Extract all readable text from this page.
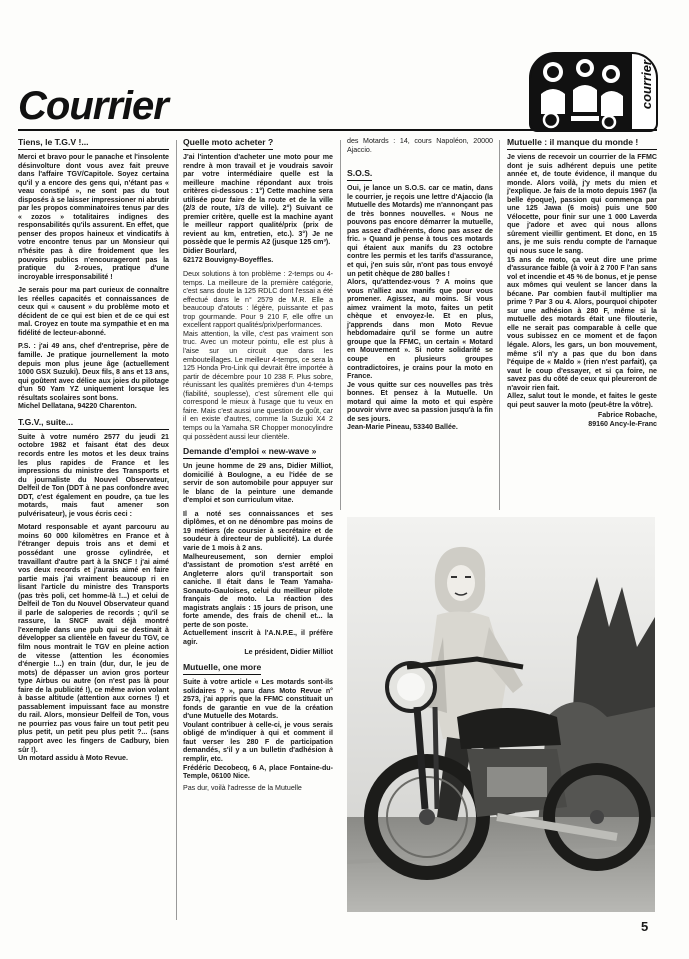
Courrier	courrier
Tiens, le T.G.V !...

Merci et bravo pour le panache et l'insolente désinvolture dont vous avez fait preuve dans l'affaire TGV/Capitole. Soyez certaina qu'il y a encore des gens qui, n'étant pas « veau constipé », ne sont pas du tout disposés à se laisser impressioner ni abrutir par les propos comminatoires tenus par des « zozos » totalitaires indignes des responsabilités qu'ils assurent. En effet, que penser des propos haineux et vindicatifs à votre encontre tenus par un Monsieur qui n'hésite pas à dire froidement que les pouvoirs publics n'encourageront pas la pratique du 2-roues, pratique d'une incroyable irresponsabilité !

Je serais pour ma part curieux de connaître les réelles capacités et connaissances de ceux qui « causent » du problème moto et décident de ce qui est bien et de ce qui est mal. Croyez en toute ma sympathie et en ma fidélité de lecteur-abonné.

P.S. : j'ai 49 ans, chef d'entreprise, père de famille. Je pratique journellement la moto depuis mon plus jeune âge (actuellement 1000 GSX Suzuki). Deux fils, 8 ans et 13 ans, qui goûtent avec délice aux joies du pilotage d'un 50 Yam YZ uniquement lorsque les résultats scolaires sont bons.

Michel Dellatana, 94220 Charenton.

T.G.V., suite...

Suite à votre numéro 2577 du jeudi 21 octobre 1982 et faisant état des deux records entre les motos et les deux trains les plus rapides de France et les impressions du ministre des Transports et du journaliste du Nouvel Observateur, Delfeil de Ton (DDT à ne pas confondre avec DDT, c'est également en poudre, ça tue les motards, mais faut amener son pulvérisateur), je vous écris ceci :

Motard responsable et ayant parcouru au moins 60 000 kilomètres en France et à l'étranger depuis trois ans et demi et possédant une grosse cylindrée, et travaillant d'autre part à la SNCF ! j'ai aimé vos deux records et j'aurais aimé en faire partie mais j'ai vraiment beaucoup ri en lisant l'article du ministre des Transports (pas très poli, cet homme-là !...) et celui de Delfeil de Ton du Nouvel Observateur quand il parle de saloperies de records ; qu'il se rassure, la SNCF avait déjà montré l'exemple dans une pub qui se destinait à développer sa clientèle en faveur du TGV, ce film nous montrait le TGV en pleine action de vitesse (attention les économies d'énergie !...) en train (dur, dur, le jeu de mots) de dépasser un avion gros porteur type Airbus ou autre (on n'est pas là pour faire de la publicité !), ce même avion volant à basse altitude (attention aux cornes !) et passablement impuissant face au monstre du rail. Alors, monsieur Delfeil de Ton, vous ne pourriez pas vous faire un tout petit peu plus petit, un petit peu plus petit ?... (sans rapport avec les fingers de Cadbury, bien sûr !).

Un motard assidu à Moto Revue.

Quelle moto acheter ?

J'ai l'intention d'acheter une moto pour me rendre à mon travail et je voudrais savoir par votre intermédiaire quelle est la meilleure machine répondant aux trois critères ci-dessous : 1°) Cette machine sera utilisée pour faire de la route et de la ville (2/3 de route, 1/3 de ville). 2°) Suivant ce premier critère, quelle est la machine ayant le meilleur rapport qualité/prix (prix de revient au km, entretien, etc.). 3°) Je ne possède que le permis A2 (jusque 125 cm³).

Didier Bourlard,
62172 Bouvigny-Boyeffles.

Deux solutions à ton problème : 2-temps ou 4-temps. La meilleure de la première catégorie, c'est sans doute la 125 RDLC dont l'essai a été effectué dans le n° 2579 de M.R. Elle a beaucoup d'atouts : légère, puissante et pas trop gourmande. Pour 9 210 F, elle offre un excellent rapport qualités/prix/performances.
Mais attention, la ville, c'est pas vraiment son truc. Avec un moteur pointu, elle est plus à l'aise sur un circuit que dans les embouteillages. Le meilleur 4-temps, ce sera la 125 Honda Pro-Link qui devrait être importée à partir de décembre pour 10 238 F. Plus sobre, réunissant les qualités premières d'un 4-temps (fiabilité, souplesse), c'est sûrement elle qui correspond le mieux à l'usage que tu veux en faire. Mais c'est aussi une question de goût, car il en existe d'autres, comme la Suzuki X4 2 temps ou la Yamaha SR Chopper monocylindre qui possèdent aussi leur clientèle.

Demande d'emploi « new-wave »

Un jeune homme de 29 ans, Didier Milliot, domicilié à Boulogne, a eu l'idée de se servir de son automobile pour appuyer sur le blanc de la peinture une demande d'emploi et son curriculum vitae.

Il a noté ses connaissances et ses diplômes, et on ne dénombre pas moins de 19 métiers (de coursier à secrétaire et de soudeur à directeur de publicité). La durée varie de 1 mois à 2 ans.
Malheureusement, son dernier emploi d'assistant de promotion s'est arrêté en Angleterre alors qu'il transportait son caniche. Il était dans le Team Yamaha-Sonauto-Gauloises, celui du meilleur pilote français de moto. La réaction des magistrats anglais : 15 jours de prison, une forte amende, des frais de chenil et... la perte de son poste.
Actuellement inscrit à l'A.N.P.E., il préfère agir.

Le président, Didier Milliot

Mutuelle, one more

Suite à votre article « Les motards sont-ils solidaires ? », paru dans Moto Revue n° 2573, j'ai appris que la FFMC constituait un fonds de garantie en vue de la création d'une Mutuelle des Motards.
Voulant contribuer à celle-ci, je vous serais obligé de m'indiquer à qui et comment il faut verser les 280 F de participation demandés, s'il y a un bulletin d'adhésion à remplir, etc.

Frédéric Decobecq, 6 A, place Fontaine-du-Temple, 06100 Nice.

Pas dur, voilà l'adresse de la Mutuelle

des Motards : 14, cours Napoléon, 20000 Ajaccio.

S.O.S.

Oui, je lance un S.O.S. car ce matin, dans le courrier, je reçois une lettre d'Ajaccio (la Mutuelle des Motards) me n'annonçant pas de très bonnes nouvelles. « Nous ne pouvons pas encore démarrer la mutuelle, pas assez d'adhérents, donc pas assez de fric. » Quand je pense à tous ces motards qui étaient aux manifs du 23 octobre contre les permis et les tarifs d'assurance, et qui, j'en suis sûr, n'ont pas tous envoyé un petit chèque de 280 balles !
Alors, qu'attendez-vous ? A moins que vous n'alliez aux manifs que pour vous promener. Agissez, au moins. Si vous aimez vraiment la moto, faites un petit chèque et envoyez-le. Et en plus, j'apprends dans mon Moto Revue hebdomadaire qu'il se forme un autre groupe que la FFMC, un certain « Motard en Mouvement ». Si notre solidarité se coupe en plusieurs groupes contradictoires, je crains pour la moto en France.
Je vous quitte sur ces nouvelles pas très bonnes. Et pensez à la Mutuelle. Un motard qui aime la moto et qui espère pouvoir vivre avec sa passion jusqu'à la fin de ses jours.

Jean-Marie Pineau, 53340 Ballée.

Mutuelle : il manque du monde !

Je viens de recevoir un courrier de la FFMC dont je suis adhérent depuis une petite année et, de toute évidence, il manque du monde. Alors voilà, j'y mets du mien et j'explique. Je fais de la moto depuis 1967 (la belle époque), passion qui commença par une 125 Jawa (6 mois) puis une 500 Vélocette, pour finir sur une 1 000 Laverda que j'adore et avec qui nous allons sûrement vieillir gentiment. Et donc, en 15 ans, je me suis rendu compte de l'arnaque qui nous suce le sang.
15 ans de moto, ça veut dire une prime d'assurance faible (à voir à 2 700 F l'an sans vol et incendie et 45 % de bonus, et je pense aux mômes qui veulent se lancer dans la bécane. Par combien faut-il multiplier ma prime ? Par 3 ou 4. Alors, pourquoi chipoter sur une adhésion à 280 F, même si la mutuelle des motards était une filouterie, elle ne serait pas comparable à celle que vous subissez en ce moment et de façon légale. Alors, les gars, un bon mouvement, même s'il n'y a pas que du bon dans l'équipe de « Maldo » (rien n'est parfait), ça vaut le coup d'essayer, et si ça foire, ne savez pas du côté de ceux qui pleureront de n'avoir rien fait.
Allez, salut tout le monde, et faites le geste qui peut sauver la moto (peut-être la vôtre).

Fabrice Robache,
89160 Ancy-le-Franc

5
